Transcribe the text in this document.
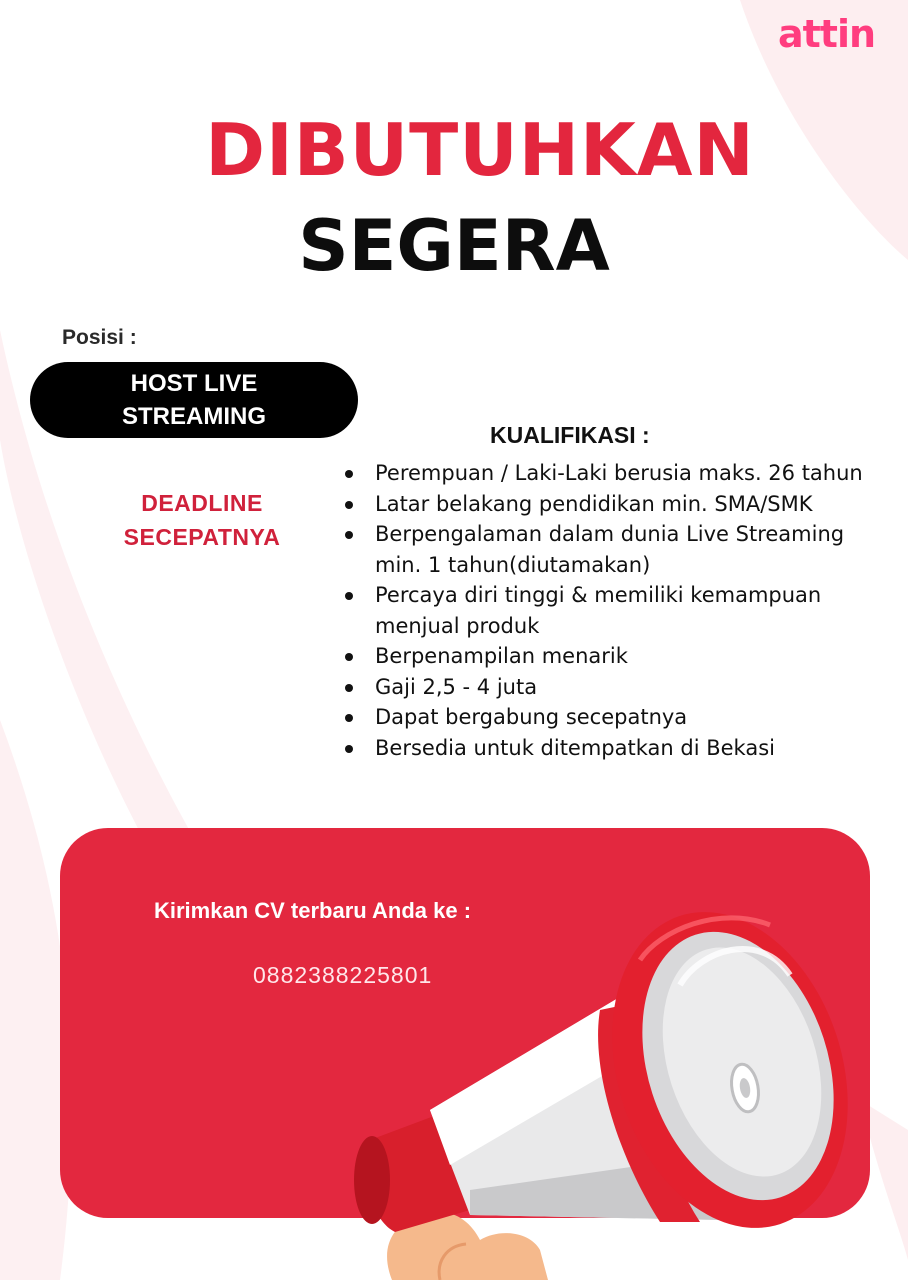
attin
DIBUTUHKAN
SEGERA
Posisi :
HOST LIVE STREAMING
DEADLINE
SECEPATNYA
KUALIFIKASI :
Perempuan / Laki-Laki berusia maks. 26 tahun
Latar belakang pendidikan min. SMA/SMK
Berpengalaman dalam dunia Live Streaming min. 1 tahun(diutamakan)
Percaya diri tinggi & memiliki kemampuan menjual produk
Berpenampilan menarik
Gaji 2,5 - 4 juta
Dapat bergabung secepatnya
Bersedia untuk ditempatkan di Bekasi
Kirimkan CV terbaru Anda ke :
0882388225801
